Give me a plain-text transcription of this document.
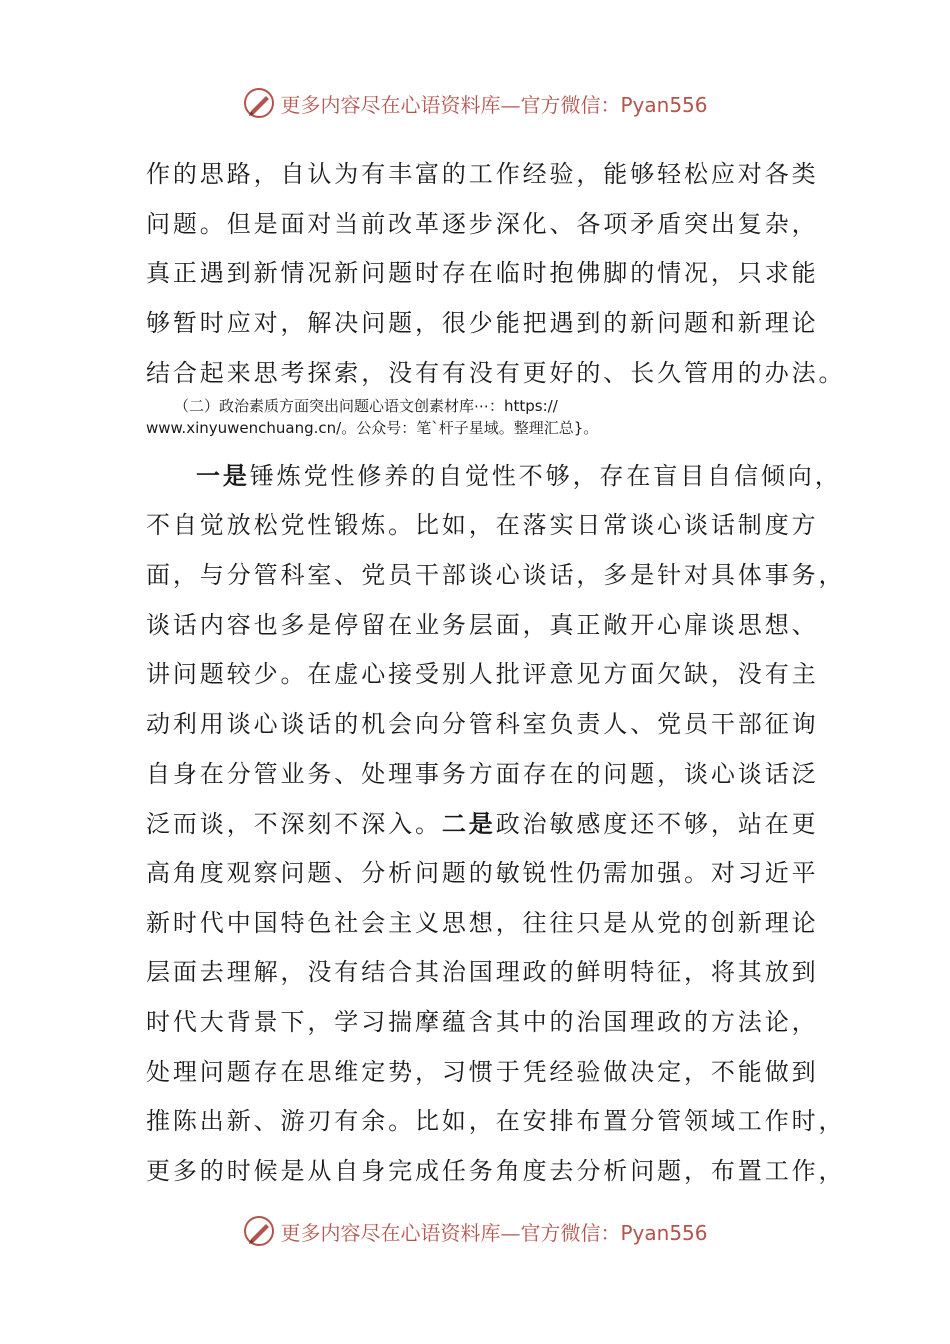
更多内容尽在心语资料库—官方微信：Pyan556
作的思路，自认为有丰富的工作经验，能够轻松应对各类
问题。但是面对当前改革逐步深化、各项矛盾突出复杂，
真正遇到新情况新问题时存在临时抱佛脚的情况，只求能
够暂时应对，解决问题，很少能把遇到的新问题和新理论
结合起来思考探索，没有有没有更好的、长久管用的办法。
（二）政治素质方面突出问题心语文创素材库⋯：https://
www.xinyuwenchuang.cn/。公众号：笔`杆子星域。整理汇总}。
一是锤炼党性修养的自觉性不够，存在盲目自信倾向，
不自觉放松党性锻炼。比如，在落实日常谈心谈话制度方
面，与分管科室、党员干部谈心谈话，多是针对具体事务，
谈话内容也多是停留在业务层面，真正敞开心扉谈思想、
讲问题较少。在虚心接受别人批评意见方面欠缺，没有主
动利用谈心谈话的机会向分管科室负责人、党员干部征询
自身在分管业务、处理事务方面存在的问题，谈心谈话泛
泛而谈，不深刻不深入。二是政治敏感度还不够，站在更
高角度观察问题、分析问题的敏锐性仍需加强。对习近平
新时代中国特色社会主义思想，往往只是从党的创新理论
层面去理解，没有结合其治国理政的鲜明特征，将其放到
时代大背景下，学习揣摩蕴含其中的治国理政的方法论，
处理问题存在思维定势，习惯于凭经验做决定，不能做到
推陈出新、游刃有余。比如，在安排布置分管领域工作时，
更多的时候是从自身完成任务角度去分析问题，布置工作，
更多内容尽在心语资料库—官方微信：Pyan556
